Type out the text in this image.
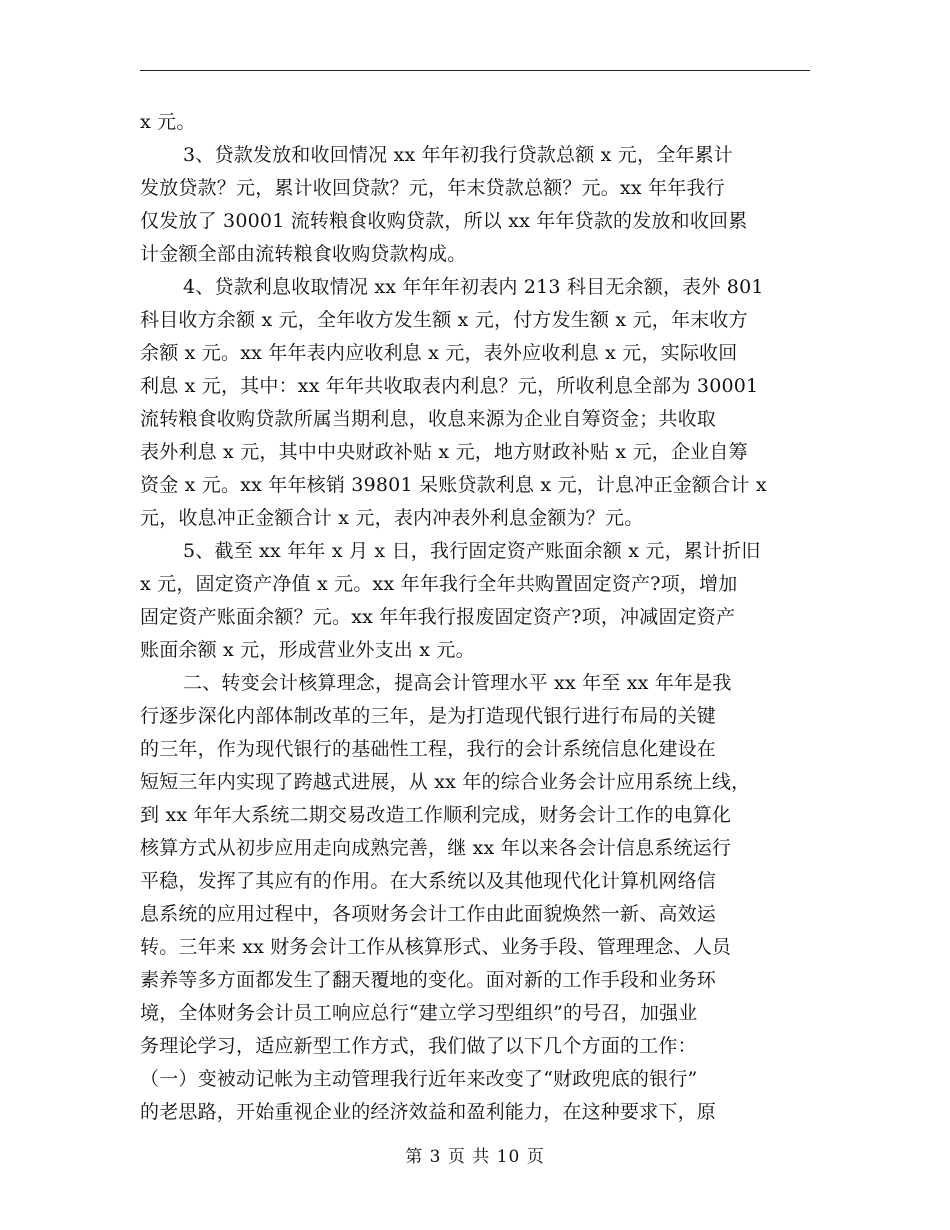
x 元。
3、贷款发放和收回情况 xx 年年初我行贷款总额 x 元，全年累计
发放贷款？元，累计收回贷款？元，年末贷款总额？元。xx 年年我行
仅发放了 30001 流转粮食收购贷款，所以 xx 年年贷款的发放和收回累
计金额全部由流转粮食收购贷款构成。
4、贷款利息收取情况 xx 年年年初表内 213 科目无余额，表外 801
科目收方余额 x 元，全年收方发生额 x 元，付方发生额 x 元，年末收方
余额 x 元。xx 年年表内应收利息 x 元，表外应收利息 x 元，实际收回
利息 x 元，其中：xx 年年共收取表内利息？元，所收利息全部为 30001
流转粮食收购贷款所属当期利息，收息来源为企业自筹资金；共收取
表外利息 x 元，其中中央财政补贴 x 元，地方财政补贴 x 元，企业自筹
资金 x 元。xx 年年核销 39801 呆账贷款利息 x 元，计息冲正金额合计 x
元，收息冲正金额合计 x 元，表内冲表外利息金额为？元。
5、截至 xx 年年 x 月 x 日，我行固定资产账面余额 x 元，累计折旧
x 元，固定资产净值 x 元。xx 年年我行全年共购置固定资产?项，增加
固定资产账面余额？元。xx 年年我行报废固定资产?项，冲减固定资产
账面余额 x 元，形成营业外支出 x 元。
二、转变会计核算理念，提高会计管理水平 xx 年至 xx 年年是我
行逐步深化内部体制改革的三年，是为打造现代银行进行布局的关键
的三年，作为现代银行的基础性工程，我行的会计系统信息化建设在
短短三年内实现了跨越式进展，从 xx 年的综合业务会计应用系统上线，
到 xx 年年大系统二期交易改造工作顺利完成，财务会计工作的电算化
核算方式从初步应用走向成熟完善，继 xx 年以来各会计信息系统运行
平稳，发挥了其应有的作用。在大系统以及其他现代化计算机网络信
息系统的应用过程中，各项财务会计工作由此面貌焕然一新、高效运
转。三年来 xx 财务会计工作从核算形式、业务手段、管理理念、人员
素养等多方面都发生了翻天覆地的变化。面对新的工作手段和业务环
境，全体财务会计员工响应总行“建立学习型组织”的号召，加强业
务理论学习，适应新型工作方式，我们做了以下几个方面的工作：
（一）变被动记帐为主动管理我行近年来改变了“财政兜底的银行”
的老思路，开始重视企业的经济效益和盈利能力，在这种要求下，原
第 3 页 共 10 页
